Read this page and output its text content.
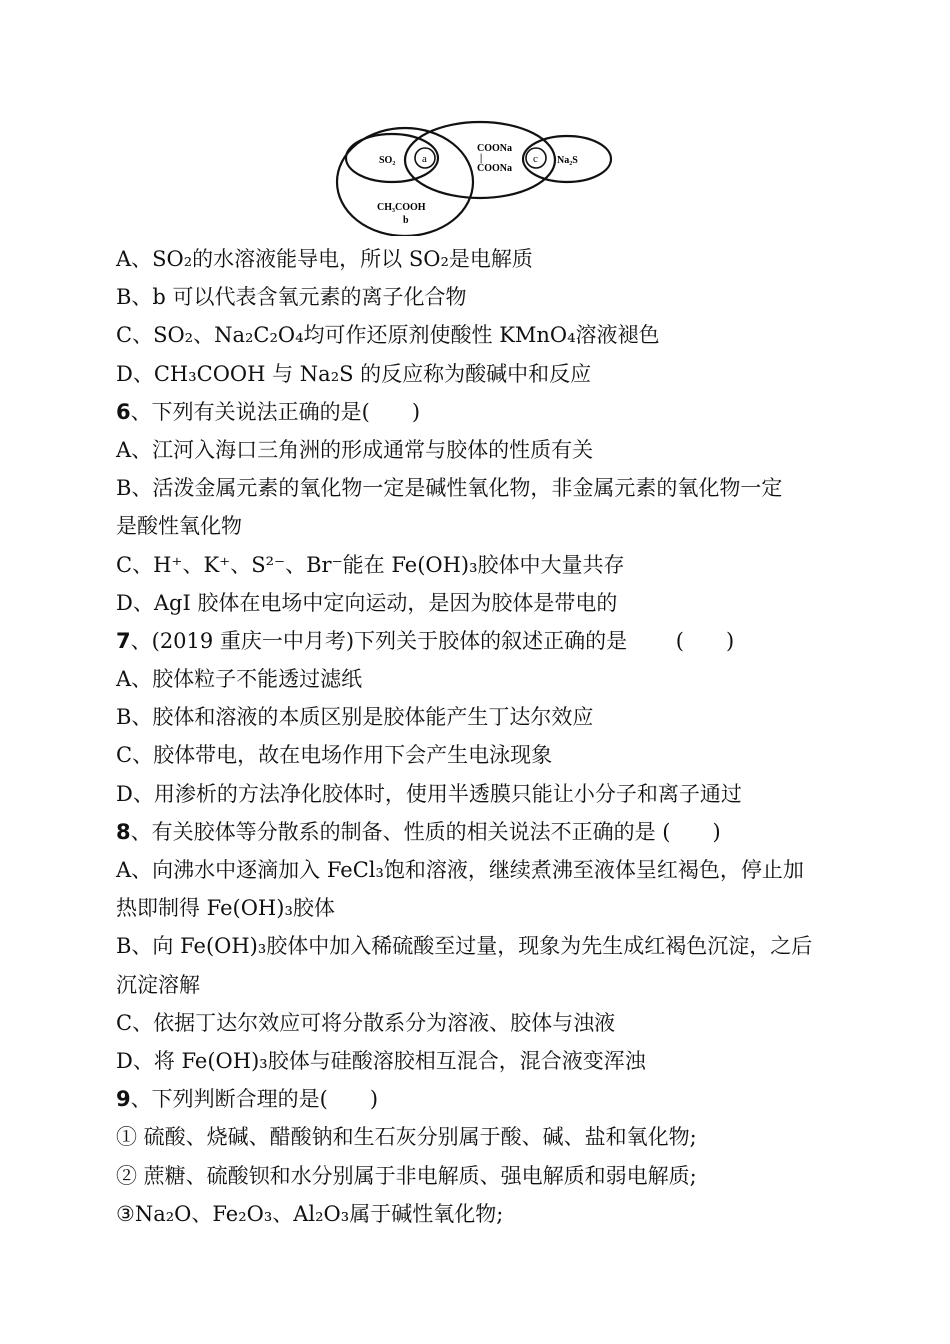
SO₂ a
COONa
|
COONa
c Na₂S
CH₃COOH
b
A、SO₂的水溶液能导电，所以 SO₂是电解质
B、b 可以代表含氧元素的离子化合物
C、SO₂、Na₂C₂O₄均可作还原剂使酸性 KMnO₄溶液褪色
D、CH₃COOH 与 Na₂S 的反应称为酸碱中和反应
6、下列有关说法正确的是(　　)
A、江河入海口三角洲的形成通常与胶体的性质有关
B、活泼金属元素的氧化物一定是碱性氧化物，非金属元素的氧化物一定
是酸性氧化物
C、H⁺、K⁺、S²⁻、Br⁻能在 Fe(OH)₃胶体中大量共存
D、AgI 胶体在电场中定向运动，是因为胶体是带电的
7、(2019 重庆一中月考)下列关于胶体的叙述正确的是　　 (　　)
A、胶体粒子不能透过滤纸
B、胶体和溶液的本质区别是胶体能产生丁达尔效应
C、胶体带电，故在电场作用下会产生电泳现象
D、用渗析的方法净化胶体时，使用半透膜只能让小分子和离子通过
8、有关胶体等分散系的制备、性质的相关说法不正确的是 (　　)
A、向沸水中逐滴加入 FeCl₃饱和溶液，继续煮沸至液体呈红褐色，停止加
热即制得 Fe(OH)₃胶体
B、向 Fe(OH)₃胶体中加入稀硫酸至过量，现象为先生成红褐色沉淀，之后
沉淀溶解
C、依据丁达尔效应可将分散系分为溶液、胶体与浊液
D、将 Fe(OH)₃胶体与硅酸溶胶相互混合，混合液变浑浊
9、下列判断合理的是(　　)
① 硫酸、烧碱、醋酸钠和生石灰分别属于酸、碱、盐和氧化物;
② 蔗糖、硫酸钡和水分别属于非电解质、强电解质和弱电解质;
③Na₂O、Fe₂O₃、Al₂O₃属于碱性氧化物;
